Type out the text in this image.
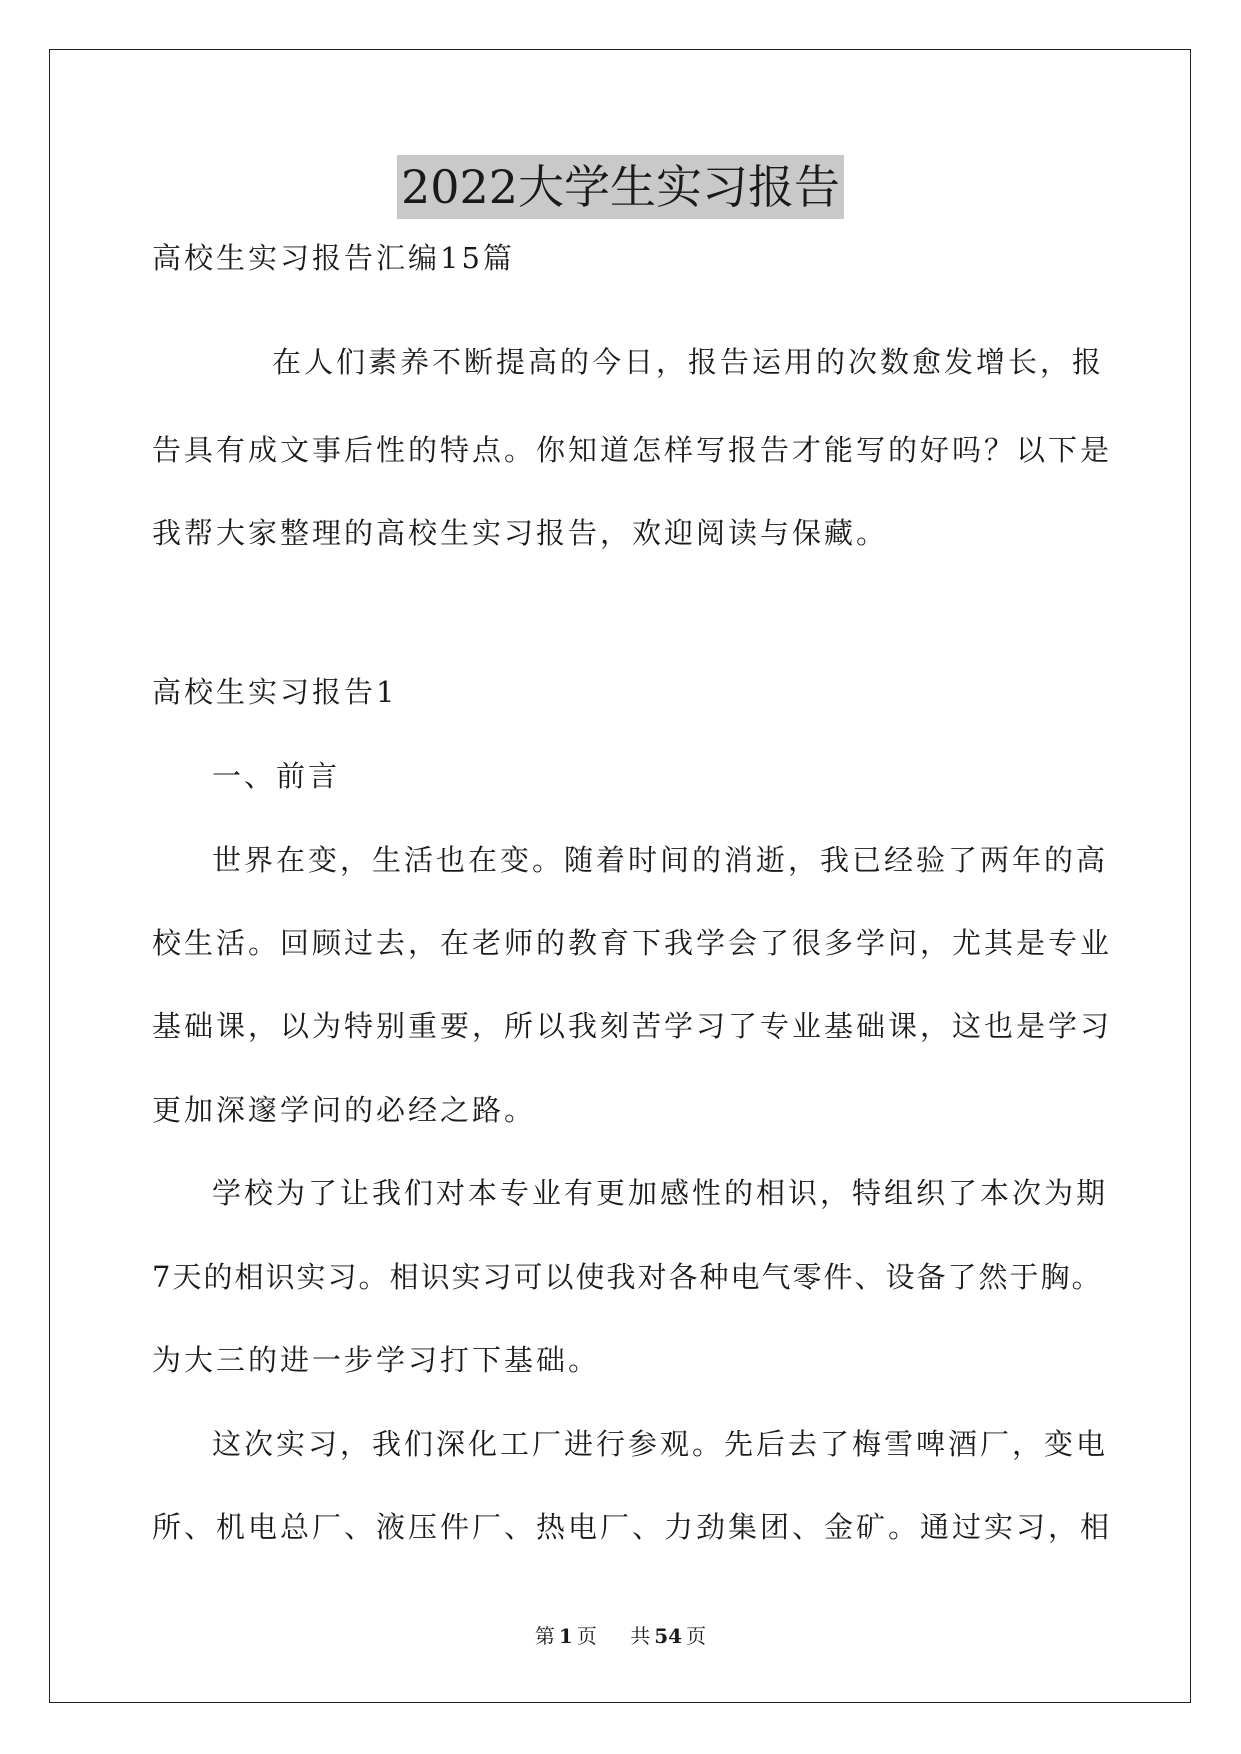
2022大学生实习报告
高校生实习报告汇编15篇
在人们素养不断提高的今日，报告运用的次数愈发增长，报
告具有成文事后性的特点。你知道怎样写报告才能写的好吗？以下是
我帮大家整理的高校生实习报告，欢迎阅读与保藏。
高校生实习报告1
一、前言
世界在变，生活也在变。随着时间的消逝，我已经验了两年的高
校生活。回顾过去，在老师的教育下我学会了很多学问，尤其是专业
基础课，以为特别重要，所以我刻苦学习了专业基础课，这也是学习
更加深邃学问的必经之路。
学校为了让我们对本专业有更加感性的相识，特组织了本次为期
7天的相识实习。相识实习可以使我对各种电气零件、设备了然于胸。
为大三的进一步学习打下基础。
这次实习，我们深化工厂进行参观。先后去了梅雪啤酒厂，变电
所、机电总厂、液压件厂、热电厂、力劲集团、金矿。通过实习，相
第 1 页 共 54 页
